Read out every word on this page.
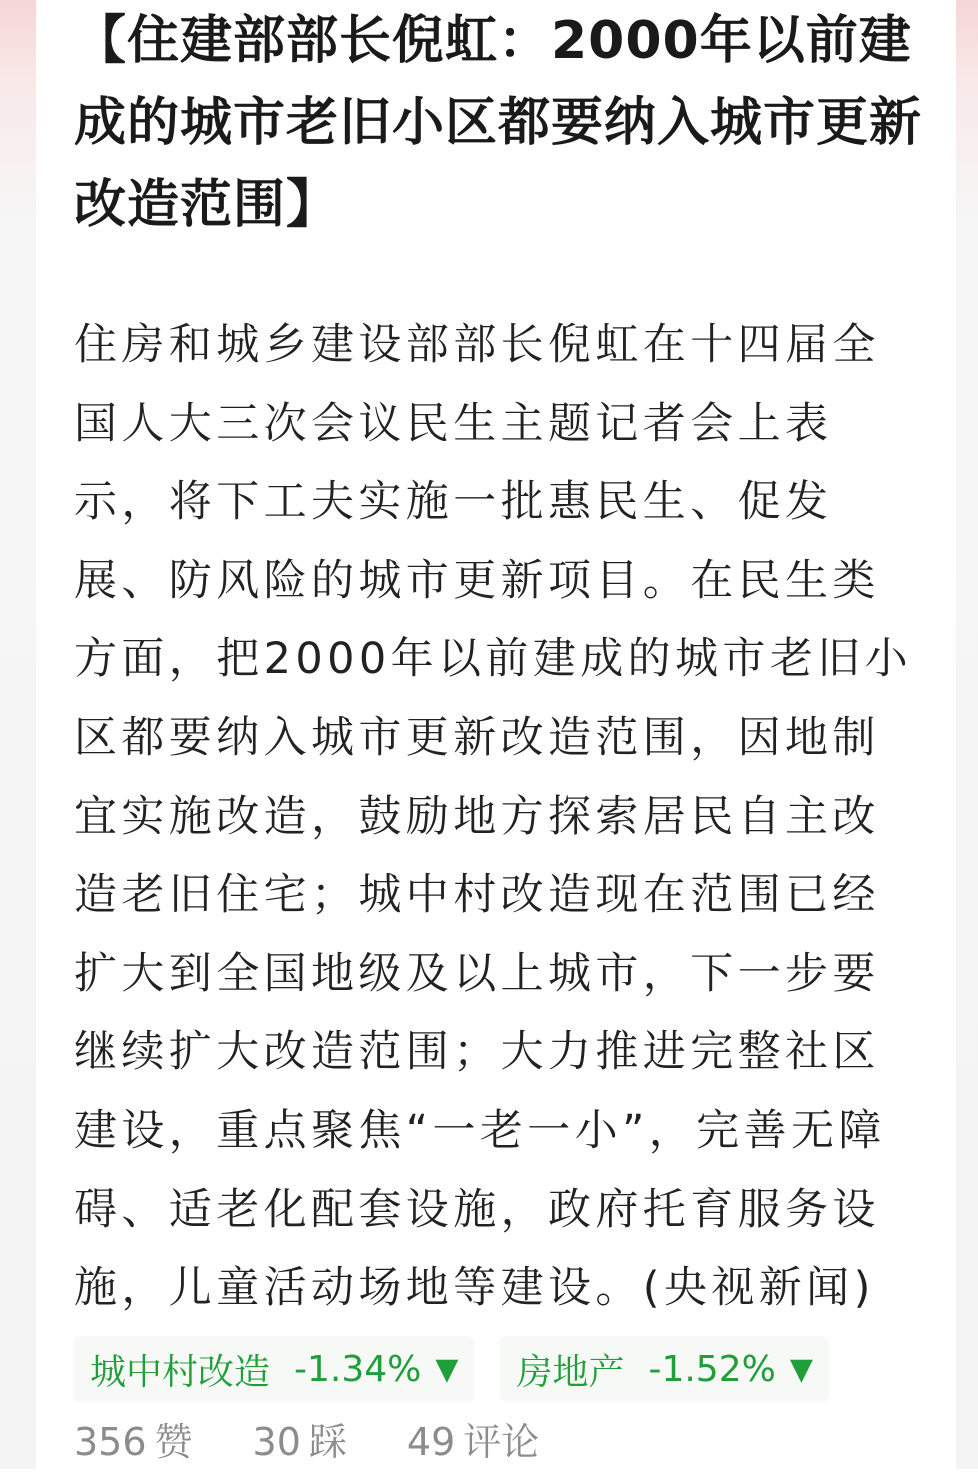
【住建部部长倪虹：2000年以前建成的城市老旧小区都要纳入城市更新改造范围】
住房和城乡建设部部长倪虹在十四届全国人大三次会议民生主题记者会上表示，将下工夫实施一批惠民生、促发展、防风险的城市更新项目。在民生类方面，把2000年以前建成的城市老旧小区都要纳入城市更新改造范围，因地制宜实施改造，鼓励地方探索居民自主改造老旧住宅；城中村改造现在范围已经扩大到全国地级及以上城市，下一步要继续扩大改造范围；大力推进完整社区建设，重点聚焦“一老一小”，完善无障碍、适老化配套设施，政府托育服务设施，儿童活动场地等建设。(央视新闻)
城中村改造 -1.34% ▼ 房地产 -1.52% ▼
356 赞 30 踩 49 评论
